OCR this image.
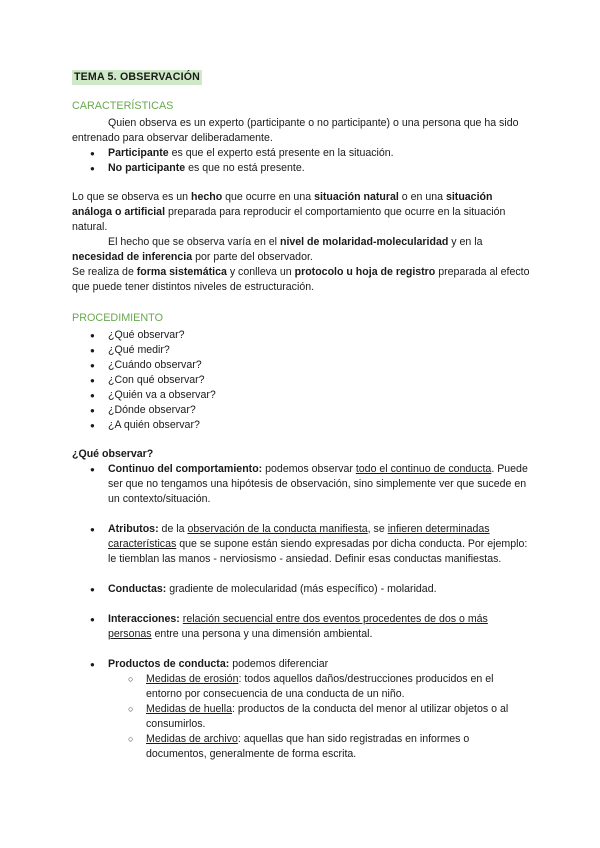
TEMA 5. OBSERVACIÓN
CARACTERÍSTICAS

Quien observa es un experto (participante o no participante) o una persona que ha sido entrenado para observar deliberadamente.

● Participante es que el experto está presente en la situación.
● No participante es que no está presente.

Lo que se observa es un hecho que ocurre en una situación natural o en una situación análoga o artificial preparada para reproducir el comportamiento que ocurre en la situación natural.

El hecho que se observa varía en el nivel de molaridad-molecularidad y en la necesidad de inferencia por parte del observador.

Se realiza de forma sistemática y conlleva un protocolo u hoja de registro preparada al efecto que puede tener distintos niveles de estructuración.

PROCEDIMIENTO
● ¿Qué observar?
● ¿Qué medir?
● ¿Cuándo observar?
● ¿Con qué observar?
● ¿Quién va a observar?
● ¿Dónde observar?
● ¿A quién observar?

¿Qué observar?

● Continuo del comportamiento: podemos observar todo el continuo de conducta. Puede ser que no tengamos una hipótesis de observación, sino simplemente ver que sucede en un contexto/situación.
● Atributos: de la observación de la conducta manifiesta, se infieren determinadas características que se supone están siendo expresadas por dicha conducta. Por ejemplo: le tiemblan las manos - nerviosismo - ansiedad. Definir esas conductas manifiestas.
● Conductas: gradiente de molecularidad (más específico) - molaridad.
● Interacciones: relación secuencial entre dos eventos procedentes de dos o más personas entre una persona y una dimensión ambiental.
● Productos de conducta: podemos diferenciar
○ Medidas de erosión: todos aquellos daños/destrucciones producidos en el entorno por consecuencia de una conducta de un niño.
○ Medidas de huella: productos de la conducta del menor al utilizar objetos o al consumirlos.
○ Medidas de archivo: aquellas que han sido registradas en informes o documentos, generalmente de forma escrita.
